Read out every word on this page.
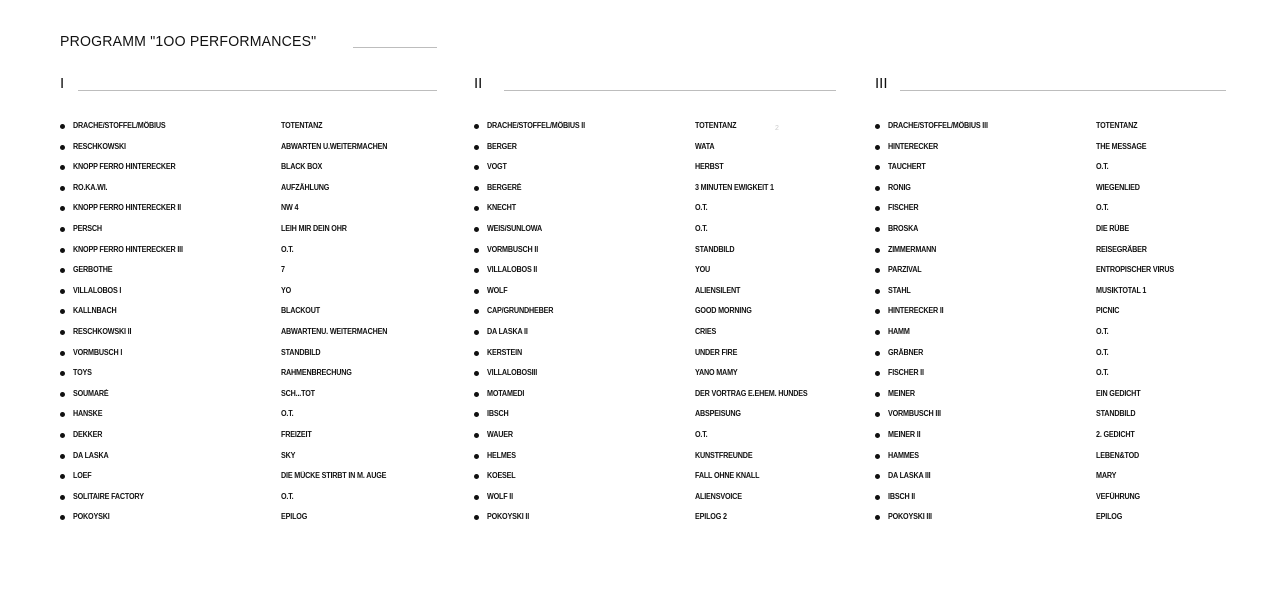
PROGRAMM "1OO PERFORMANCES"
I
DRACHE/STOFFEL/MÖBIUS	TOTENTANZ
RESCHKOWSKI	ABWARTEN U.WEITERMACHEN
KNOPP FERRO HINTERECKER	BLACK BOX
RO.KA.WI.	AUFZÄHLUNG
KNOPP FERRO HINTERECKER II	NW 4
PERSCH	LEIH MIR DEIN OHR
KNOPP FERRO HINTERECKER III	O.T.
GERBOTHE	7
VILLALOBOS I	YO
KALLNBACH	BLACKOUT
RESCHKOWSKI II	ABWARTENU. WEITERMACHEN
VORMBUSCH I	STANDBILD
TOYS	RAHMENBRECHUNG
SOUMARÉ	SCH...TOT
HANSKE	O.T.
DEKKER	FREIZEIT
DA LASKA	SKY
LOEF	DIE MÜCKE STIRBT IN M. AUGE
SOLITAIRE FACTORY	O.T.
POKOYSKI	EPILOG
II
DRACHE/STOFFEL/MÖBIUS II	TOTENTANZ
BERGER	WATA
VOGT	HERBST
BERGERÉ	3 MINUTEN EWIGKEIT 1
KNECHT	O.T.
WEIS/SUNLOWA	O.T.
VORMBUSCH II	STANDBILD
VILLALOBOS II	YOU
WOLF	ALIENSILENT
CAP/GRUNDHEBER	GOOD MORNING
DA LASKA II	CRIES
KERSTEIN	UNDER FIRE
VILLALOBOSIII	YANO MAMY
MOTAMEDI	DER VORTRAG E.EHEM. HUNDES
IBSCH	ABSPEISUNG
WAUER	O.T.
HELMES	KUNSTFREUNDE
KOESEL	FALL OHNE KNALL
WOLF II	ALIENSVOICE
POKOYSKI II	EPILOG 2
III
DRACHE/STOFFEL/MÖBIUS III	TOTENTANZ
HINTERECKER	THE MESSAGE
TAUCHERT	O.T.
RONIG	WIEGENLIED
FISCHER	O.T.
BROSKA	DIE RÜBE
ZIMMERMANN	REISEGRÄBER
PARZIVAL	ENTROPISCHER VIRUS
STAHL	MUSIKTOTAL 1
HINTERECKER II	PICNIC
HAMM	O.T.
GRÄBNER	O.T.
FISCHER II	O.T.
MEINER	EIN GEDICHT
VORMBUSCH III	STANDBILD
MEINER II	2. GEDICHT
HAMMES	LEBEN&TOD
DA LASKA III	MARY
IBSCH II	VEFÜHRUNG
POKOYSKI III	EPILOG
2
